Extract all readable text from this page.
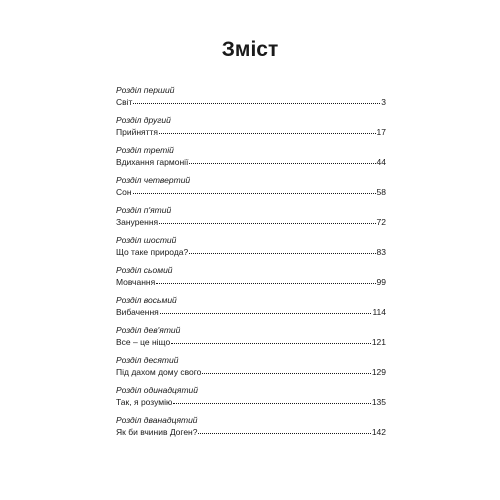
Зміст
Розділ перший
Світ	3
Розділ другий
Прийняття	17
Розділ третій
Вдихання гармонії	44
Розділ четвертий
Сон	58
Розділ п'ятий
Занурення	72
Розділ шостий
Що таке природа?	83
Розділ сьомий
Мовчання	99
Розділ восьмий
Вибачення	114
Розділ дев'ятий
Все – це ніщо	121
Розділ десятий
Під дахом дому свого	129
Розділ одинадцятий
Так, я розумію	135
Розділ дванадцятий
Як би вчинив Доген?	142
